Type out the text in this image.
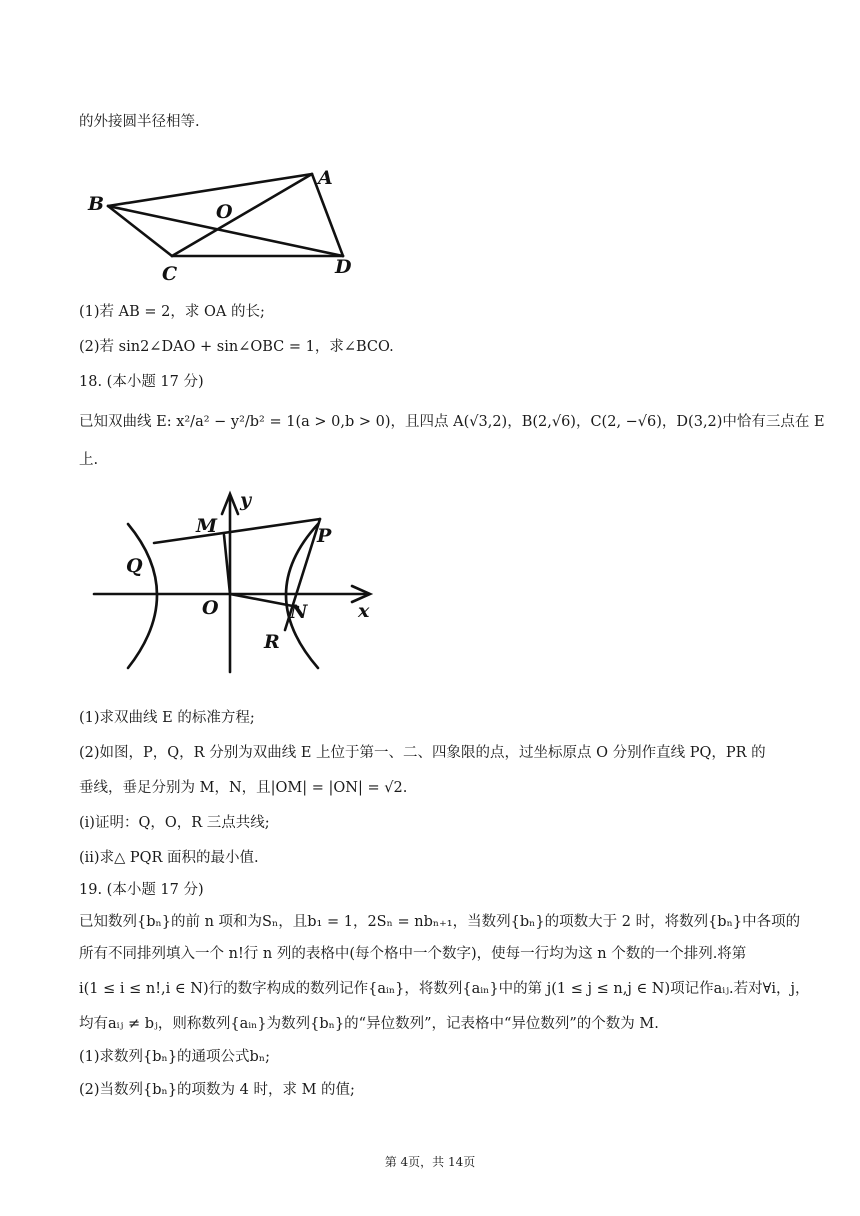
的外接圆半径相等.
B
A
O
C	D
(1)若 AB = 2，求 OA 的长;
(2)若 sin2∠DAO + sin∠OBC = 1，求∠BCO.
18. (本小题 17 分)
已知双曲线 E: x²/a² − y²/b² = 1(a > 0,b > 0)，且四点 A(√3,2)，B(2,√6)，C(2, −√6)，D(3,2)中恰有三点在 E
上.
y
M	P
Q
O	N	x
R
(1)求双曲线 E 的标准方程;
(2)如图，P，Q，R 分别为双曲线 E 上位于第一、二、四象限的点，过坐标原点 O 分别作直线 PQ，PR 的
垂线，垂足分别为 M，N，且|OM| = |ON| = √2.
(ⅰ)证明：Q，O，R 三点共线;
(ⅱ)求△ PQR 面积的最小值.
19. (本小题 17 分)
已知数列{bₙ}的前 n 项和为Sₙ，且b₁ = 1，2Sₙ = nbₙ₊₁，当数列{bₙ}的项数大于 2 时，将数列{bₙ}中各项的
所有不同排列填入一个 n!行 n 列的表格中(每个格中一个数字)，使每一行均为这 n 个数的一个排列.将第
i(1 ≤ i ≤ n!,i ∈ N)行的数字构成的数列记作{aᵢₙ}，将数列{aᵢₙ}中的第 j(1 ≤ j ≤ n,j ∈ N)项记作aᵢⱼ.若对∀i，j，
均有aᵢⱼ ≠ bⱼ，则称数列{aᵢₙ}为数列{bₙ}的“异位数列”，记表格中“异位数列”的个数为 M.
(1)求数列{bₙ}的通项公式bₙ;
(2)当数列{bₙ}的项数为 4 时，求 M 的值;
第 4页，共 14页
